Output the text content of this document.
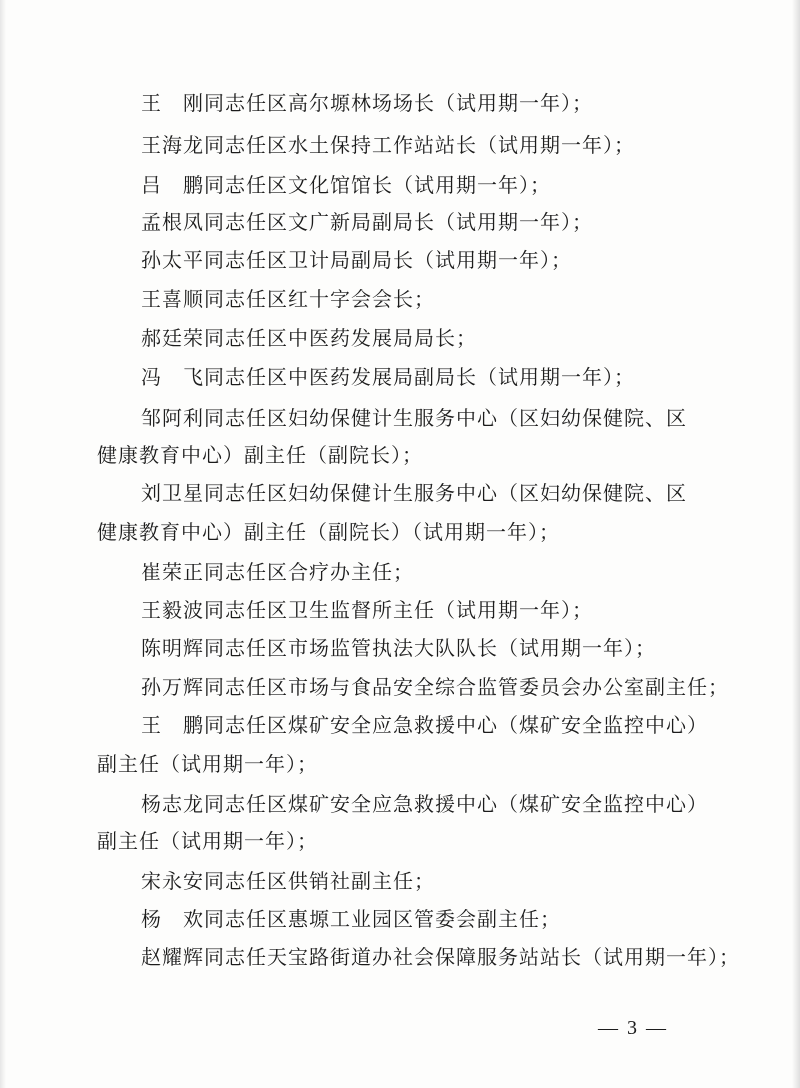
王　刚同志任区高尔塬林场场长（试用期一年）；
王海龙同志任区水土保持工作站站长（试用期一年）；
吕　鹏同志任区文化馆馆长（试用期一年）；
孟根凤同志任区文广新局副局长（试用期一年）；
孙太平同志任区卫计局副局长（试用期一年）；
王喜顺同志任区红十字会会长；
郝廷荣同志任区中医药发展局局长；
冯　飞同志任区中医药发展局副局长（试用期一年）；
邹阿利同志任区妇幼保健计生服务中心（区妇幼保健院、区
健康教育中心）副主任（副院长）；
刘卫星同志任区妇幼保健计生服务中心（区妇幼保健院、区
健康教育中心）副主任（副院长）（试用期一年）；
崔荣正同志任区合疗办主任；
王毅波同志任区卫生监督所主任（试用期一年）；
陈明辉同志任区市场监管执法大队队长（试用期一年）；
孙万辉同志任区市场与食品安全综合监管委员会办公室副主任；
王　鹏同志任区煤矿安全应急救援中心（煤矿安全监控中心）
副主任（试用期一年）；
杨志龙同志任区煤矿安全应急救援中心（煤矿安全监控中心）
副主任（试用期一年）；
宋永安同志任区供销社副主任；
杨　欢同志任区惠塬工业园区管委会副主任；
赵耀辉同志任天宝路街道办社会保障服务站站长（试用期一年）；
— 3 —
